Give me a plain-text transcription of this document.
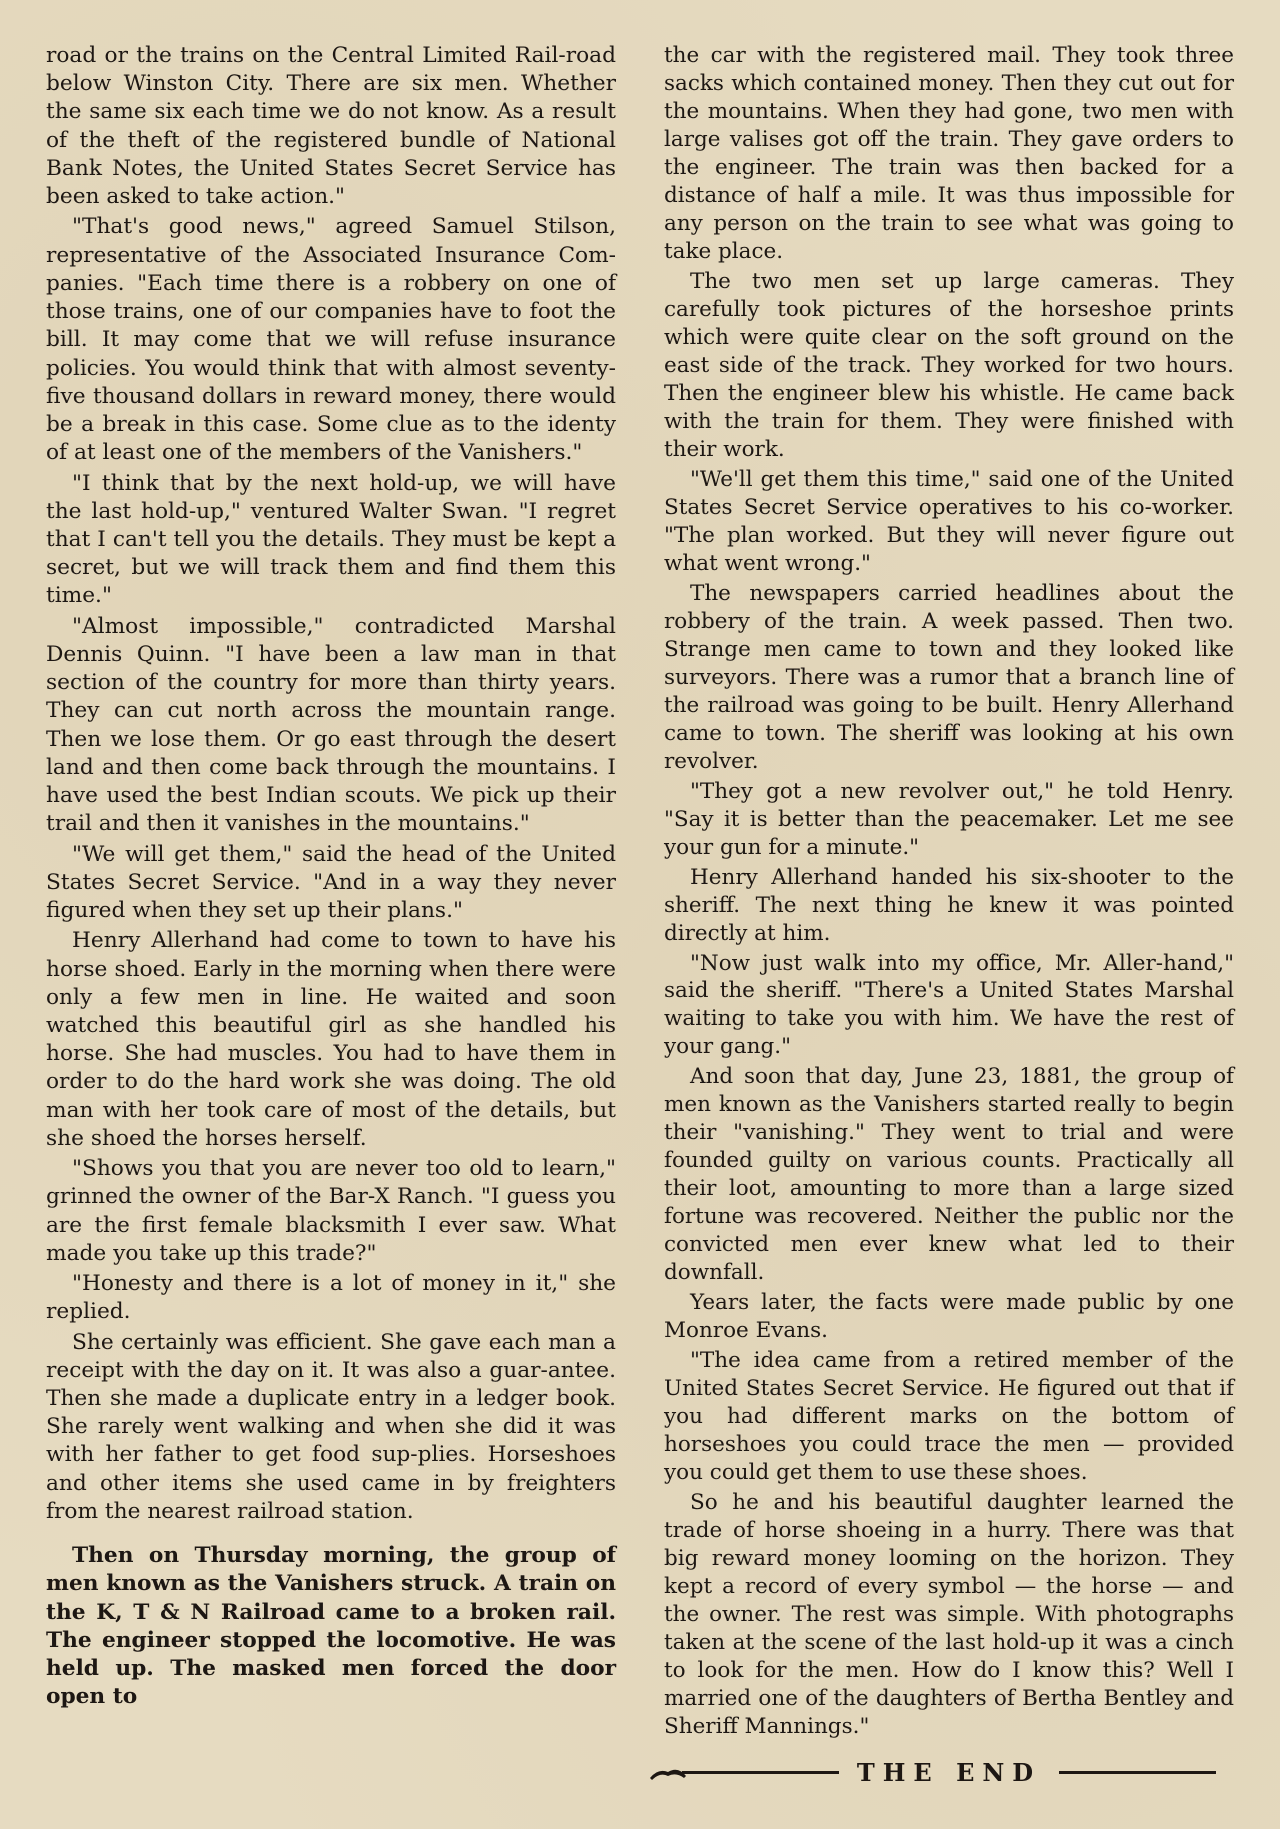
road or the trains on the Central Limited Rail-road below Winston City. There are six men. Whether the same six each time we do not know. As a result of the theft of the registered bundle of National Bank Notes, the United States Secret Service has been asked to take action."

"That's good news," agreed Samuel Stilson, representative of the Associated Insurance Com-panies. "Each time there is a robbery on one of those trains, one of our companies have to foot the bill. It may come that we will refuse insurance policies. You would think that with almost seventy-five thousand dollars in reward money, there would be a break in this case. Some clue as to the identy of at least one of the members of the Vanishers."

"I think that by the next hold-up, we will have the last hold-up," ventured Walter Swan. "I regret that I can't tell you the details. They must be kept a secret, but we will track them and find them this time."

"Almost impossible," contradicted Marshal Dennis Quinn. "I have been a law man in that section of the country for more than thirty years. They can cut north across the mountain range. Then we lose them. Or go east through the desert land and then come back through the mountains. I have used the best Indian scouts. We pick up their trail and then it vanishes in the mountains."

"We will get them," said the head of the United States Secret Service. "And in a way they never figured when they set up their plans."

Henry Allerhand had come to town to have his horse shoed. Early in the morning when there were only a few men in line. He waited and soon watched this beautiful girl as she handled his horse. She had muscles. You had to have them in order to do the hard work she was doing. The old man with her took care of most of the details, but she shoed the horses herself.

"Shows you that you are never too old to learn," grinned the owner of the Bar-X Ranch. "I guess you are the first female blacksmith I ever saw. What made you take up this trade?"

"Honesty and there is a lot of money in it," she replied.

She certainly was efficient. She gave each man a receipt with the day on it. It was also a guar-antee. Then she made a duplicate entry in a ledger book. She rarely went walking and when she did it was with her father to get food sup-plies. Horseshoes and other items she used came in by freighters from the nearest railroad station.

Then on Thursday morning, the group of men known as the Vanishers struck. A train on the K, T & N Railroad came to a broken rail. The engineer stopped the locomotive. He was held up. The masked men forced the door open to

the car with the registered mail. They took three sacks which contained money. Then they cut out for the mountains. When they had gone, two men with large valises got off the train. They gave orders to the engineer. The train was then backed for a distance of half a mile. It was thus impossible for any person on the train to see what was going to take place.

The two men set up large cameras. They carefully took pictures of the horseshoe prints which were quite clear on the soft ground on the east side of the track. They worked for two hours. Then the engineer blew his whistle. He came back with the train for them. They were finished with their work.

"We'll get them this time," said one of the United States Secret Service operatives to his co-worker. "The plan worked. But they will never figure out what went wrong."

The newspapers carried headlines about the robbery of the train. A week passed. Then two. Strange men came to town and they looked like surveyors. There was a rumor that a branch line of the railroad was going to be built. Henry Allerhand came to town. The sheriff was looking at his own revolver.

"They got a new revolver out," he told Henry. "Say it is better than the peacemaker. Let me see your gun for a minute."

Henry Allerhand handed his six-shooter to the sheriff. The next thing he knew it was pointed directly at him.

"Now just walk into my office, Mr. Aller-hand," said the sheriff. "There's a United States Marshal waiting to take you with him. We have the rest of your gang."

And soon that day, June 23, 1881, the group of men known as the Vanishers started really to begin their "vanishing." They went to trial and were founded guilty on various counts. Practically all their loot, amounting to more than a large sized fortune was recovered. Neither the public nor the convicted men ever knew what led to their downfall.

Years later, the facts were made public by one Monroe Evans.

"The idea came from a retired member of the United States Secret Service. He figured out that if you had different marks on the bottom of horseshoes you could trace the men — provided you could get them to use these shoes.

So he and his beautiful daughter learned the trade of horse shoeing in a hurry. There was that big reward money looming on the horizon. They kept a record of every symbol — the horse — and the owner. The rest was simple. With photographs taken at the scene of the last hold-up it was a cinch to look for the men. How do I know this? Well I married one of the daughters of Bertha Bentley and Sheriff Mannings."

THE END
